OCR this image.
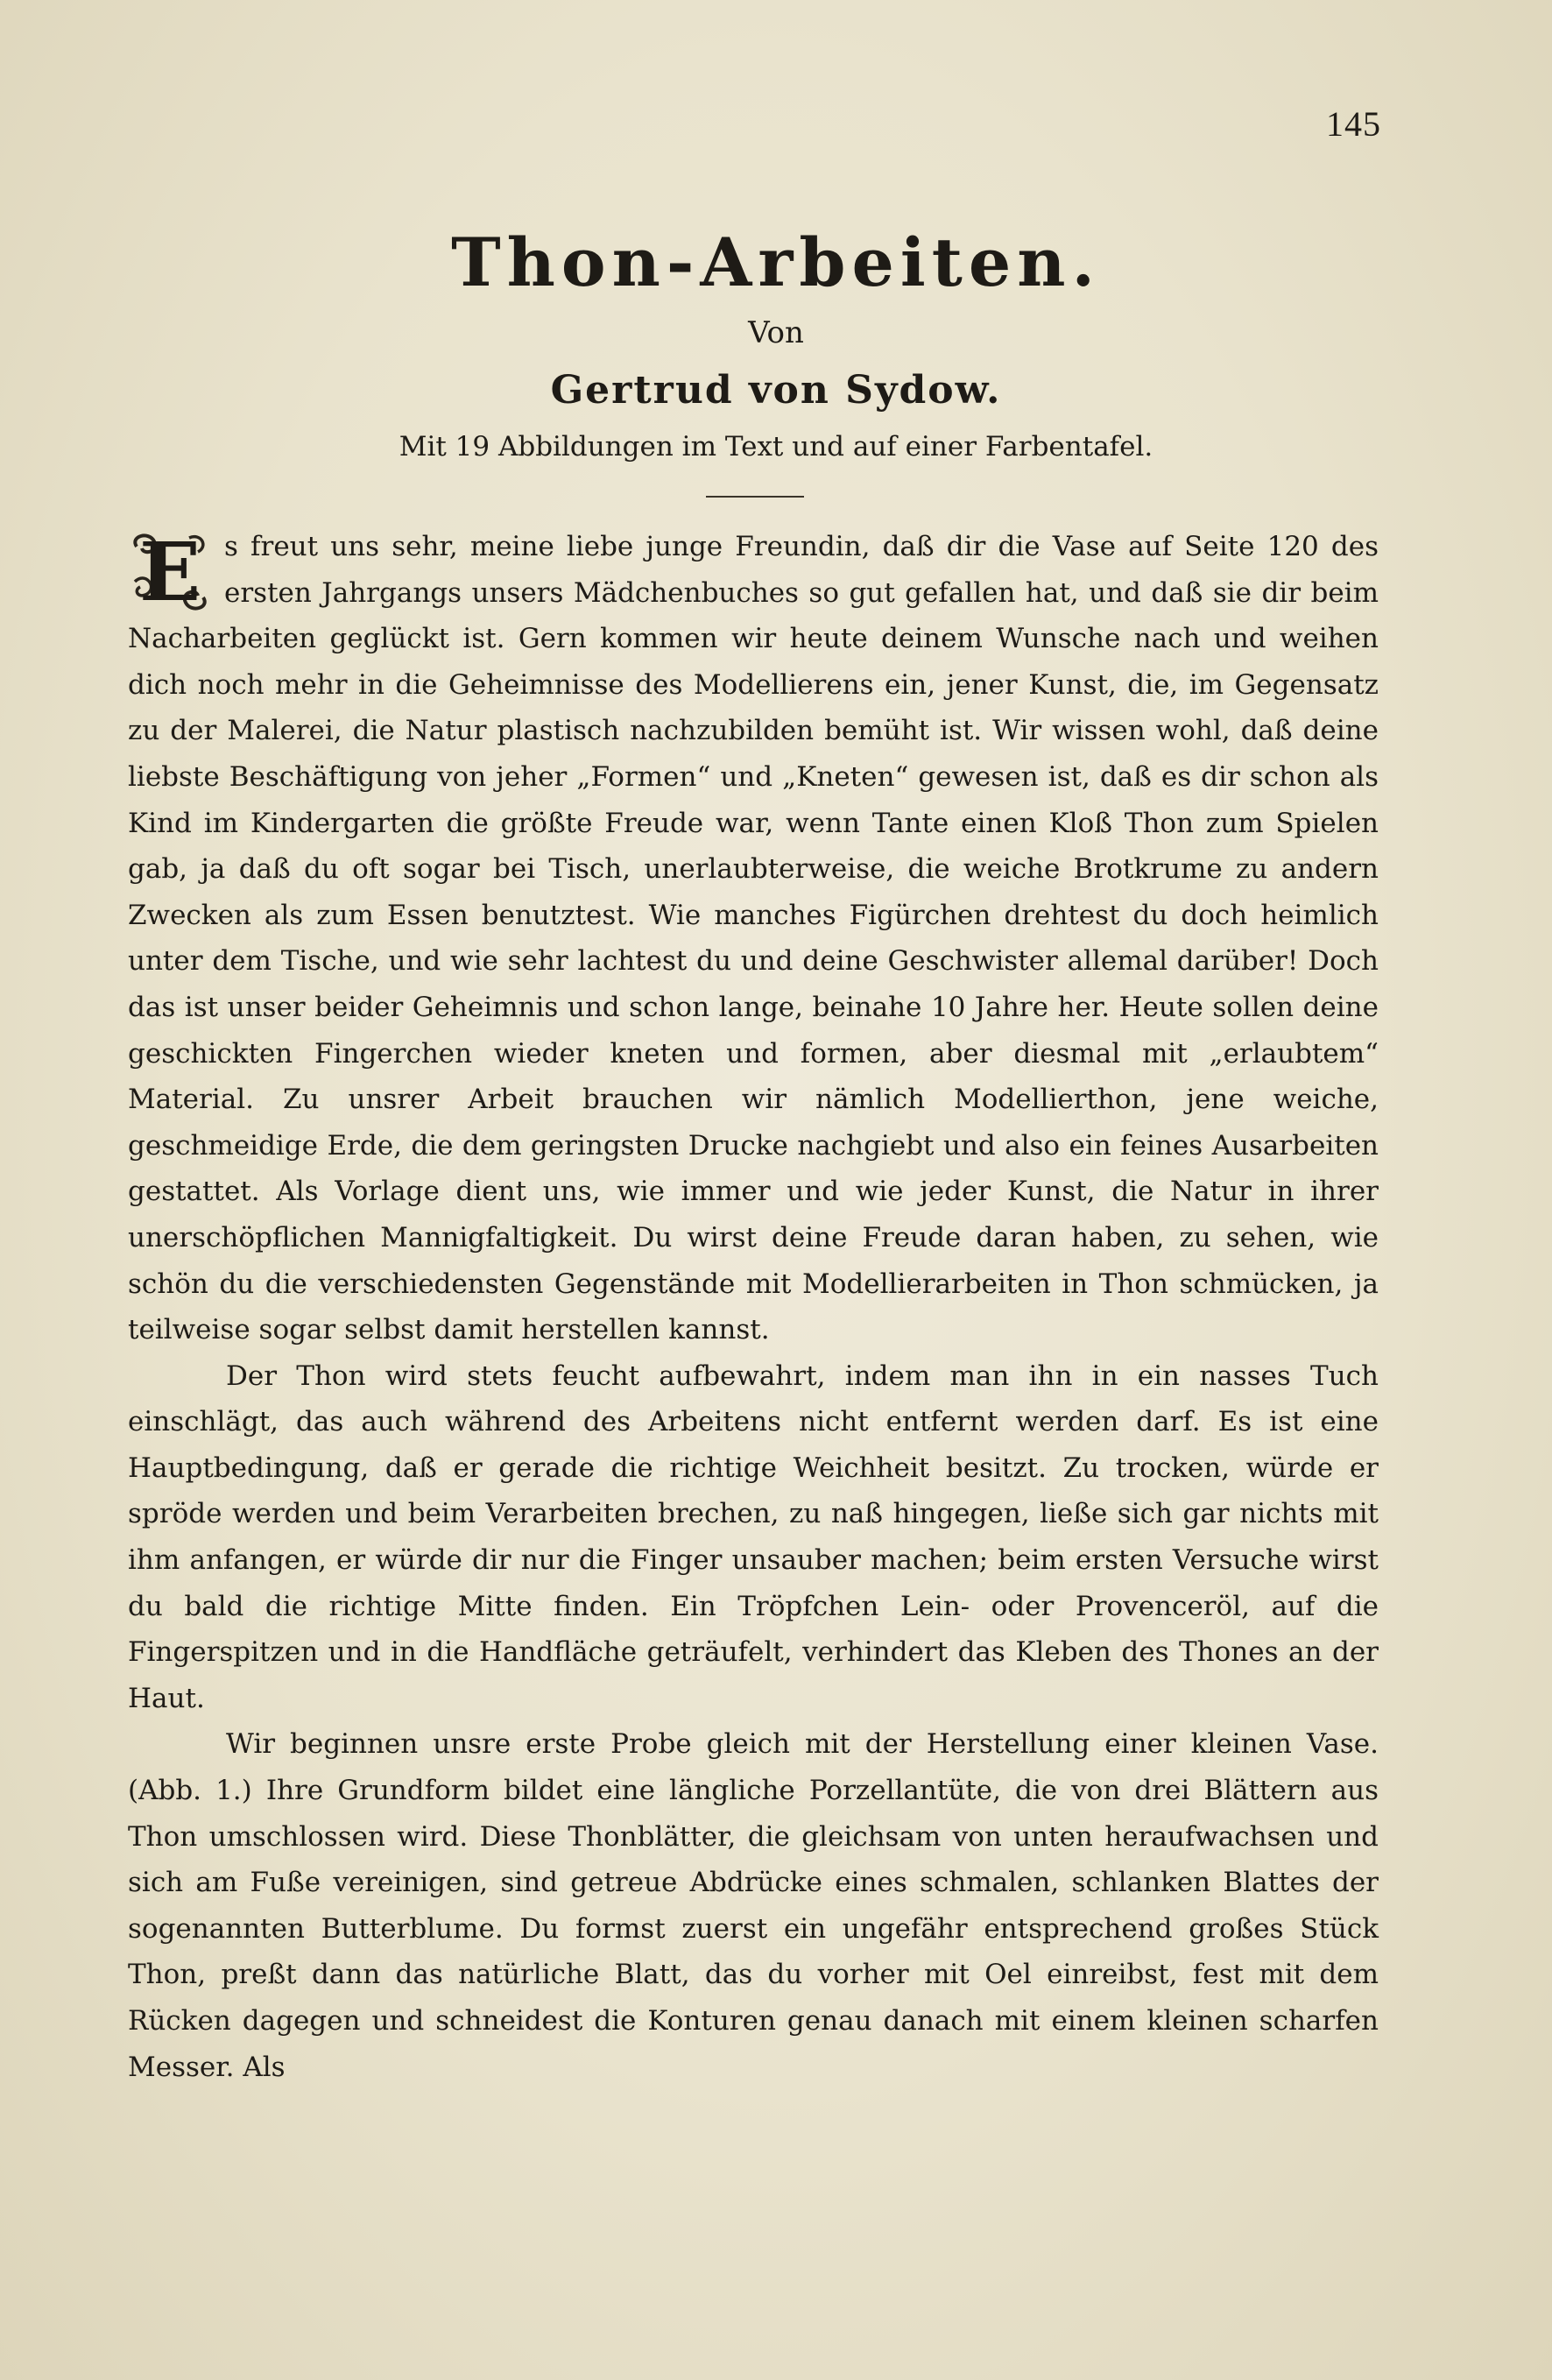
145
Thon-Arbeiten.
Von
Gertrud von Sydow.
Mit 19 Abbildungen im Text und auf einer Farbentafel.

E s freut uns sehr, meine liebe junge Freundin, daß dir die Vase auf Seite 120 des ersten Jahrgangs unsers Mädchenbuches so gut gefallen hat, und daß sie dir beim Nacharbeiten geglückt ist. Gern kommen wir heute deinem Wunsche nach und weihen dich noch mehr in die Geheimnisse des Modellierens ein, jener Kunst, die, im Gegensatz zu der Malerei, die Natur plastisch nachzubilden bemüht ist. Wir wissen wohl, daß deine liebste Beschäftigung von jeher „Formen“ und „Kneten“ gewesen ist, daß es dir schon als Kind im Kindergarten die größte Freude war, wenn Tante einen Kloß Thon zum Spielen gab, ja daß du oft sogar bei Tisch, unerlaubterweise, die weiche Brotkrume zu andern Zwecken als zum Essen benutztest. Wie manches Figürchen drehtest du doch heimlich unter dem Tische, und wie sehr lachtest du und deine Geschwister allemal darüber! Doch das ist unser beider Geheimnis und schon lange, beinahe 10 Jahre her. Heute sollen deine geschickten Fingerchen wieder kneten und formen, aber diesmal mit „erlaubtem“ Material. Zu unsrer Arbeit brauchen wir nämlich Modellierthon, jene weiche, geschmeidige Erde, die dem geringsten Drucke nachgiebt und also ein feines Ausarbeiten gestattet. Als Vorlage dient uns, wie immer und wie jeder Kunst, die Natur in ihrer unerschöpflichen Mannigfaltigkeit. Du wirst deine Freude daran haben, zu sehen, wie schön du die verschiedensten Gegenstände mit Modellierarbeiten in Thon schmücken, ja teilweise sogar selbst damit herstellen kannst.

Der Thon wird stets feucht aufbewahrt, indem man ihn in ein nasses Tuch einschlägt, das auch während des Arbeitens nicht entfernt werden darf. Es ist eine Hauptbedingung, daß er gerade die richtige Weichheit besitzt. Zu trocken, würde er spröde werden und beim Verarbeiten brechen, zu naß hingegen, ließe sich gar nichts mit ihm anfangen, er würde dir nur die Finger unsauber machen; beim ersten Versuche wirst du bald die richtige Mitte finden. Ein Tröpfchen Lein- oder Provenceröl, auf die Fingerspitzen und in die Handfläche geträufelt, verhindert das Kleben des Thones an der Haut.

Wir beginnen unsre erste Probe gleich mit der Herstellung einer kleinen Vase. (Abb. 1.) Ihre Grundform bildet eine längliche Porzellantüte, die von drei Blättern aus Thon umschlossen wird. Diese Thonblätter, die gleichsam von unten heraufwachsen und sich am Fuße vereinigen, sind getreue Abdrücke eines schmalen, schlanken Blattes der sogenannten Butterblume. Du formst zuerst ein ungefähr entsprechend großes Stück Thon, preßt dann das natürliche Blatt, das du vorher mit Oel einreibst, fest mit dem Rücken dagegen und schneidest die Konturen genau danach mit einem kleinen scharfen Messer. Als
